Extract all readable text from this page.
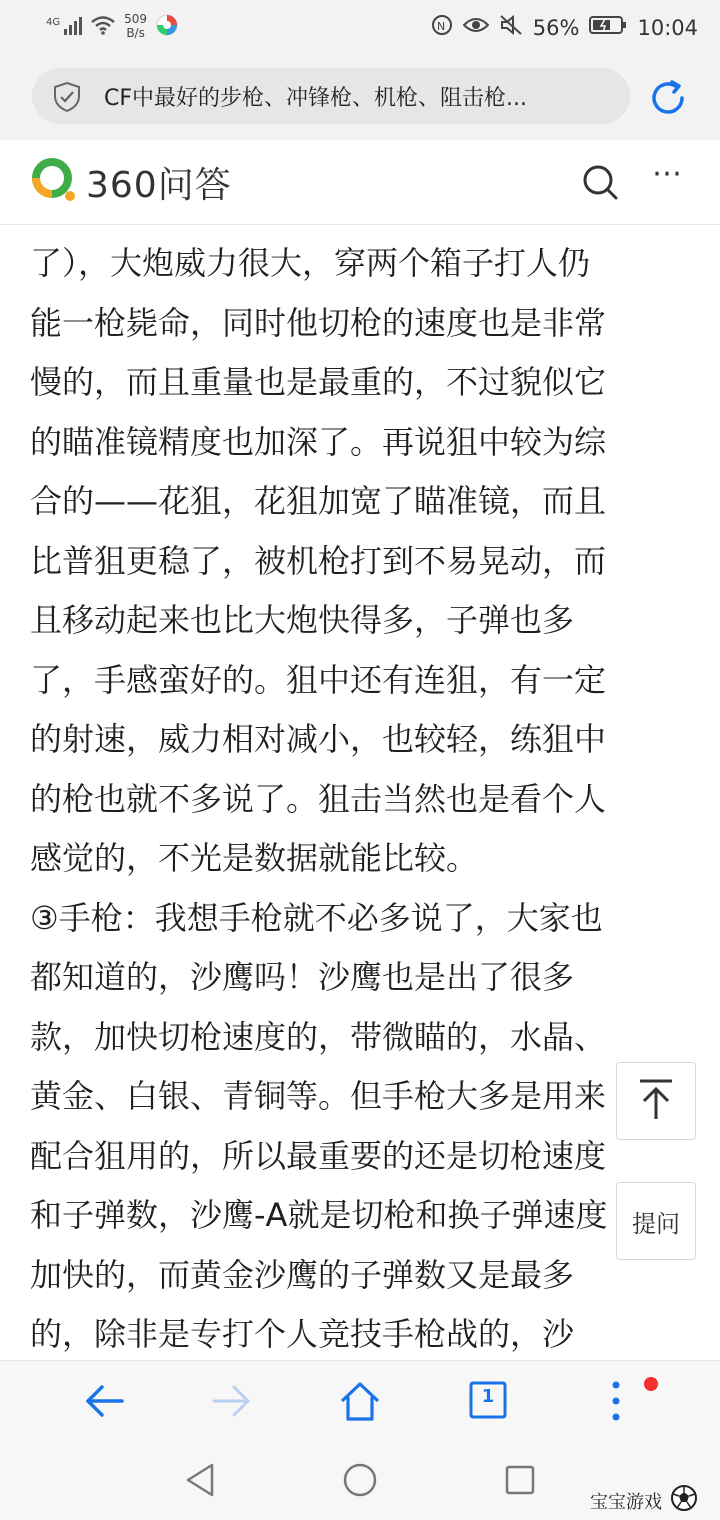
4G	509
B/s	N	56%	10:04
CF中最好的步枪、冲锋枪、机枪、阻击枪...
360问答	⋯
了），大炮威力很大，穿两个箱子打人仍
能一枪毙命，同时他切枪的速度也是非常
慢的，而且重量也是最重的，不过貌似它
的瞄准镜精度也加深了。再说狙中较为综
合的——花狙，花狙加宽了瞄准镜，而且
比普狙更稳了，被机枪打到不易晃动，而
且移动起来也比大炮快得多，子弹也多
了，手感蛮好的。狙中还有连狙，有一定
的射速，威力相对减小，也较轻，练狙中
的枪也就不多说了。狙击当然也是看个人
感觉的，不光是数据就能比较。
③手枪：我想手枪就不必多说了，大家也
都知道的，沙鹰吗！沙鹰也是出了很多
款，加快切枪速度的，带微瞄的，水晶、
黄金、白银、青铜等。但手枪大多是用来
配合狙用的，所以最重要的还是切枪速度
和子弹数，沙鹰-A就是切枪和换子弹速度
加快的，而黄金沙鹰的子弹数又是最多
的，除非是专打个人竞技手枪战的，沙
提问
1
宝宝游戏
